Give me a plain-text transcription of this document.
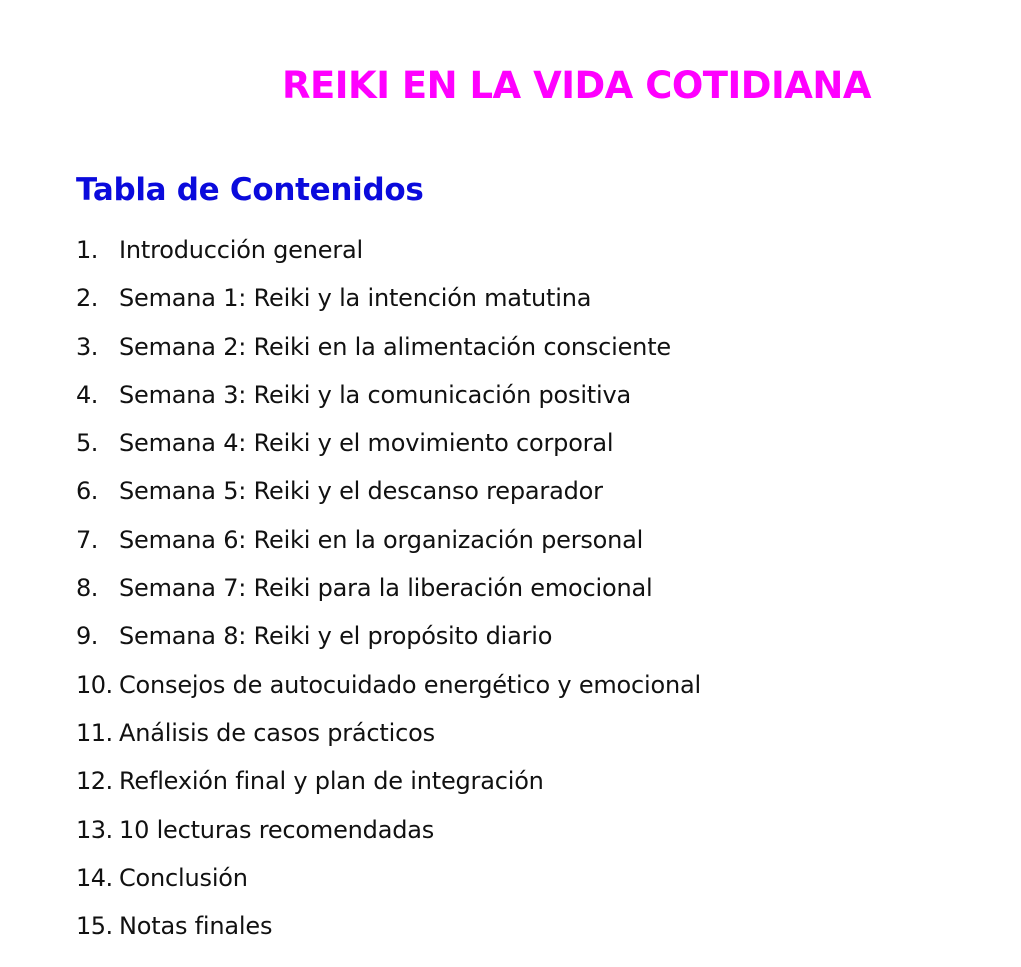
REIKI EN LA VIDA COTIDIANA
Tabla de Contenidos
1. Introducción general
2. Semana 1: Reiki y la intención matutina
3. Semana 2: Reiki en la alimentación consciente
4. Semana 3: Reiki y la comunicación positiva
5. Semana 4: Reiki y el movimiento corporal
6. Semana 5: Reiki y el descanso reparador
7. Semana 6: Reiki en la organización personal
8. Semana 7: Reiki para la liberación emocional
9. Semana 8: Reiki y el propósito diario
10. Consejos de autocuidado energético y emocional
11. Análisis de casos prácticos
12. Reflexión final y plan de integración
13. 10 lecturas recomendadas
14. Conclusión
15. Notas finales
